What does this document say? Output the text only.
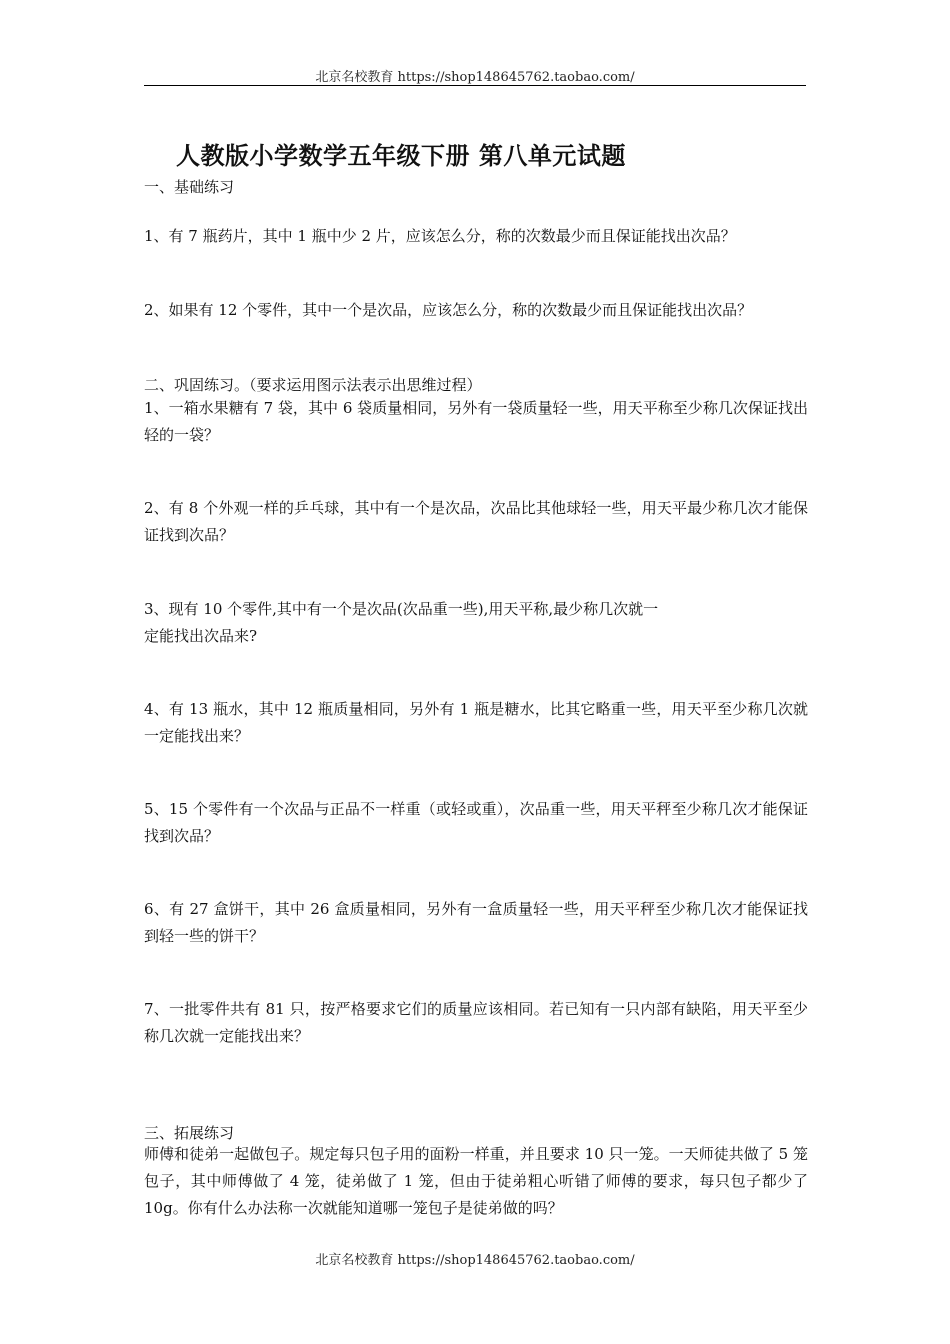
北京名校教育 https://shop148645762.taobao.com/
人教版小学数学五年级下册 第八单元试题
一、基础练习
1、有 7 瓶药片，其中 1 瓶中少 2 片，应该怎么分，称的次数最少而且保证能找出次品？
2、如果有 12 个零件，其中一个是次品，应该怎么分，称的次数最少而且保证能找出次品？
二、巩固练习。（要求运用图示法表示出思维过程）
1、一箱水果糖有 7 袋，其中 6 袋质量相同，另外有一袋质量轻一些，用天平称至少称几次保证找出轻的一袋？
2、有 8 个外观一样的乒乓球，其中有一个是次品，次品比其他球轻一些，用天平最少称几次才能保证找到次品？
3、现有 10 个零件,其中有一个是次品(次品重一些),用天平称,最少称几次就一
定能找出次品来?
4、有 13 瓶水，其中 12 瓶质量相同，另外有 1 瓶是糖水，比其它略重一些，用天平至少称几次就一定能找出来？
5、15 个零件有一个次品与正品不一样重（或轻或重），次品重一些，用天平秤至少称几次才能保证找到次品？
6、有 27 盒饼干，其中 26 盒质量相同，另外有一盒质量轻一些，用天平秤至少称几次才能保证找到轻一些的饼干？
7、一批零件共有 81 只，按严格要求它们的质量应该相同。若已知有一只内部有缺陷，用天平至少称几次就一定能找出来？
三、拓展练习
师傅和徒弟一起做包子。规定每只包子用的面粉一样重，并且要求 10 只一笼。一天师徒共做了 5 笼包子，其中师傅做了 4 笼，徒弟做了 1 笼，但由于徒弟粗心听错了师傅的要求，每只包子都少了 10g。你有什么办法称一次就能知道哪一笼包子是徒弟做的吗？
北京名校教育 https://shop148645762.taobao.com/
